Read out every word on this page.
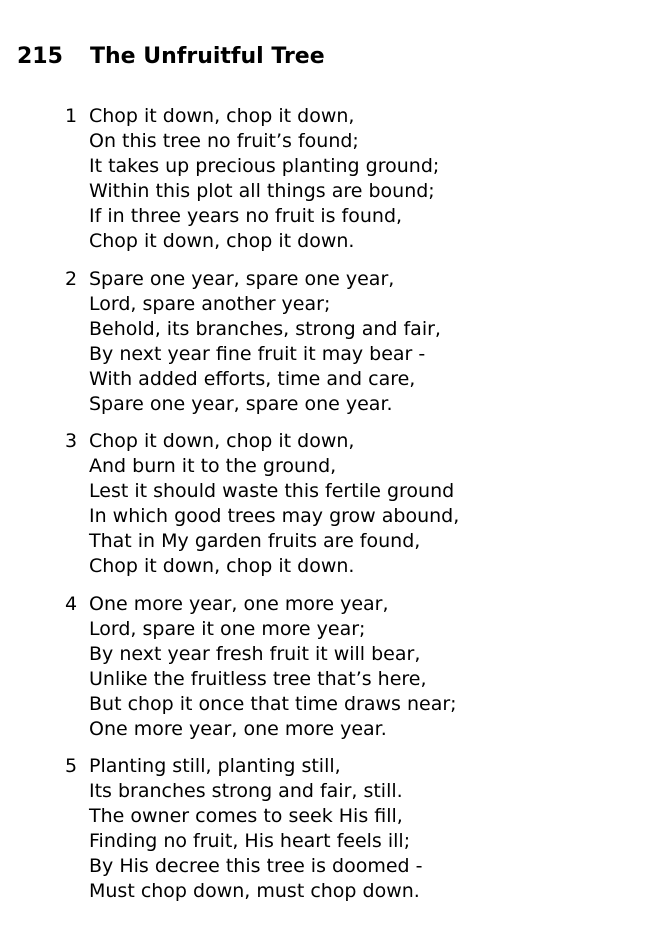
215 The Unfruitful Tree
1 Chop it down, chop it down,
On this tree no fruit’s found;
It takes up precious planting ground;
Within this plot all things are bound;
If in three years no fruit is found,
Chop it down, chop it down.
2 Spare one year, spare one year,
Lord, spare another year;
Behold, its branches, strong and fair,
By next year fine fruit it may bear -
With added efforts, time and care,
Spare one year, spare one year.
3 Chop it down, chop it down,
And burn it to the ground,
Lest it should waste this fertile ground
In which good trees may grow abound,
That in My garden fruits are found,
Chop it down, chop it down.
4 One more year, one more year,
Lord, spare it one more year;
By next year fresh fruit it will bear,
Unlike the fruitless tree that’s here,
But chop it once that time draws near;
One more year, one more year.
5 Planting still, planting still,
Its branches strong and fair, still.
The owner comes to seek His fill,
Finding no fruit, His heart feels ill;
By His decree this tree is doomed -
Must chop down, must chop down.
